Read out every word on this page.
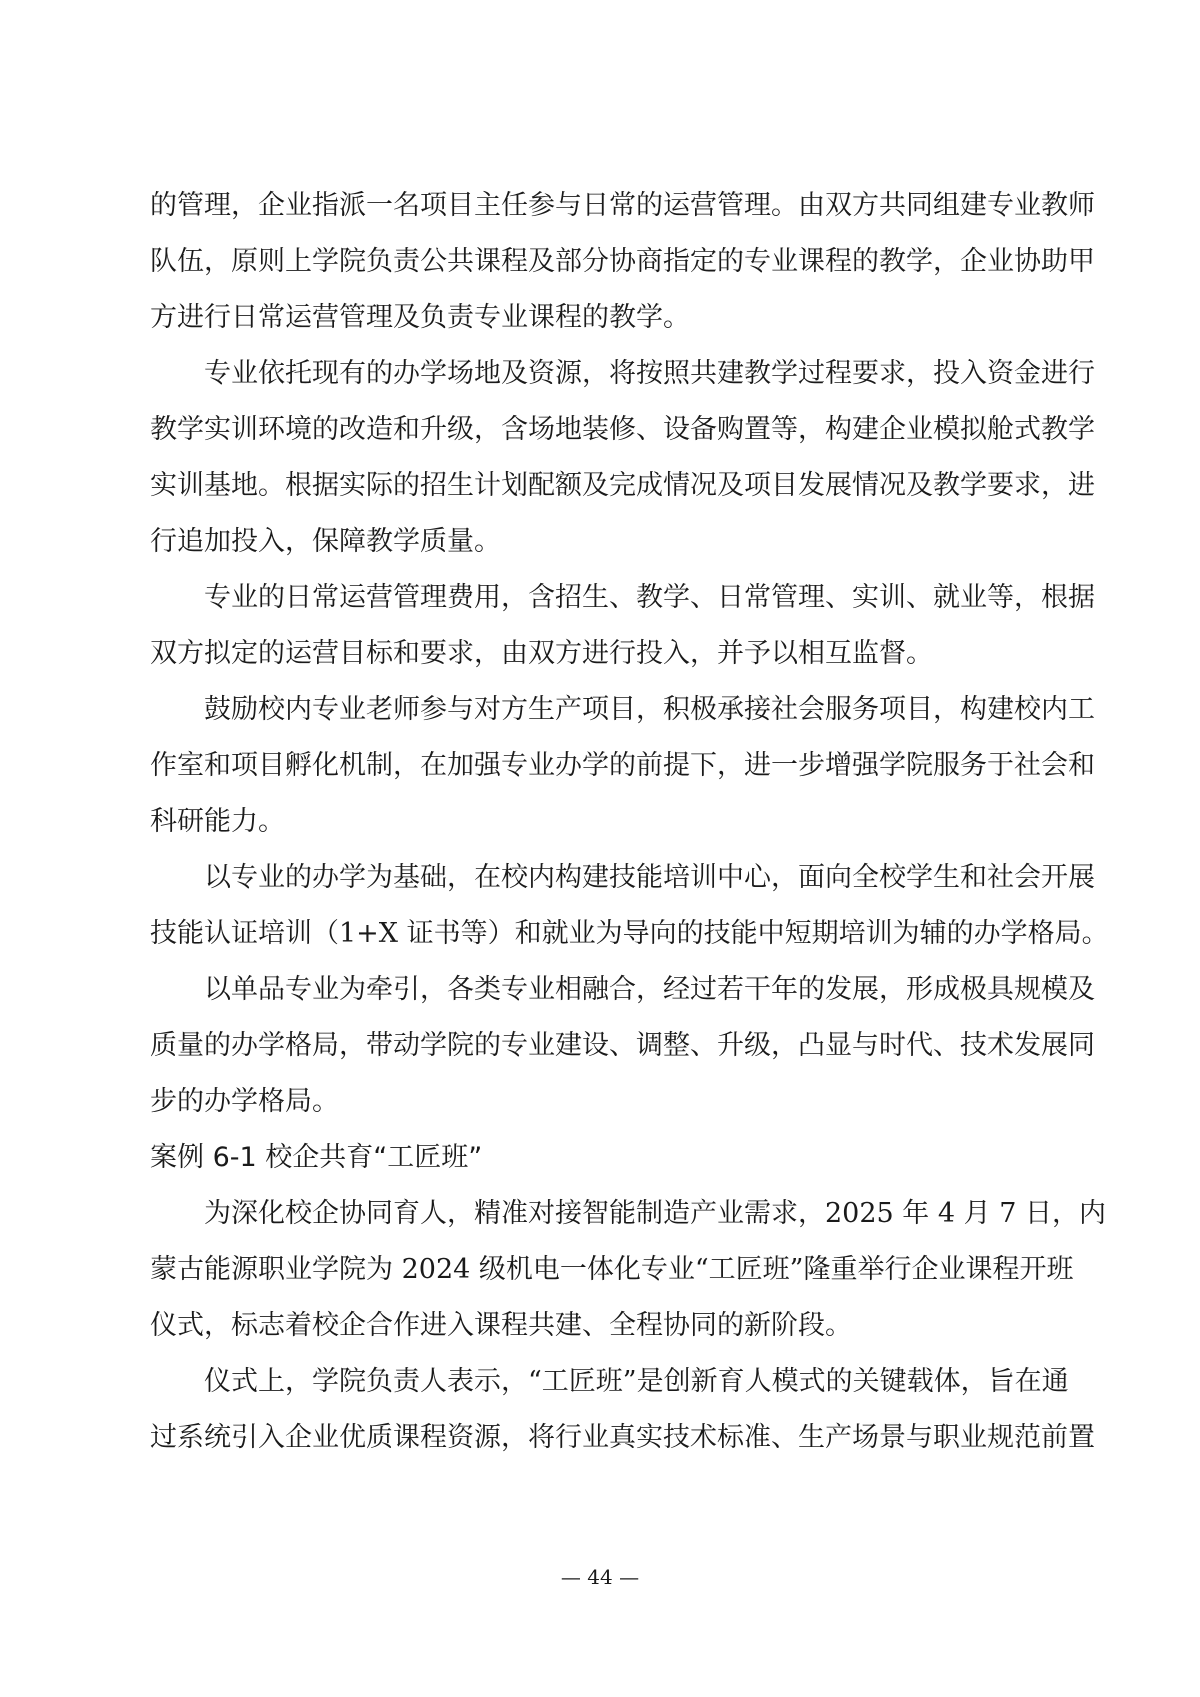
的管理，企业指派一名项目主任参与日常的运营管理。由双方共同组建专业教师
队伍，原则上学院负责公共课程及部分协商指定的专业课程的教学，企业协助甲
方进行日常运营管理及负责专业课程的教学。
专业依托现有的办学场地及资源，将按照共建教学过程要求，投入资金进行
教学实训环境的改造和升级，含场地装修、设备购置等，构建企业模拟舱式教学
实训基地。根据实际的招生计划配额及完成情况及项目发展情况及教学要求，进
行追加投入，保障教学质量。
专业的日常运营管理费用，含招生、教学、日常管理、实训、就业等，根据
双方拟定的运营目标和要求，由双方进行投入，并予以相互监督。
鼓励校内专业老师参与对方生产项目，积极承接社会服务项目，构建校内工
作室和项目孵化机制，在加强专业办学的前提下，进一步增强学院服务于社会和
科研能力。
以专业的办学为基础，在校内构建技能培训中心，面向全校学生和社会开展
技能认证培训（1+X 证书等）和就业为导向的技能中短期培训为辅的办学格局。
以单品专业为牵引，各类专业相融合，经过若干年的发展，形成极具规模及
质量的办学格局，带动学院的专业建设、调整、升级，凸显与时代、技术发展同
步的办学格局。
案例 6-1 校企共育“工匠班”
为深化校企协同育人，精准对接智能制造产业需求，2025 年 4 月 7 日，内
蒙古能源职业学院为 2024 级机电一体化专业“工匠班”隆重举行企业课程开班
仪式，标志着校企合作进入课程共建、全程协同的新阶段。
仪式上，学院负责人表示，“工匠班”是创新育人模式的关键载体，旨在通
过系统引入企业优质课程资源，将行业真实技术标准、生产场景与职业规范前置
— 44 —
